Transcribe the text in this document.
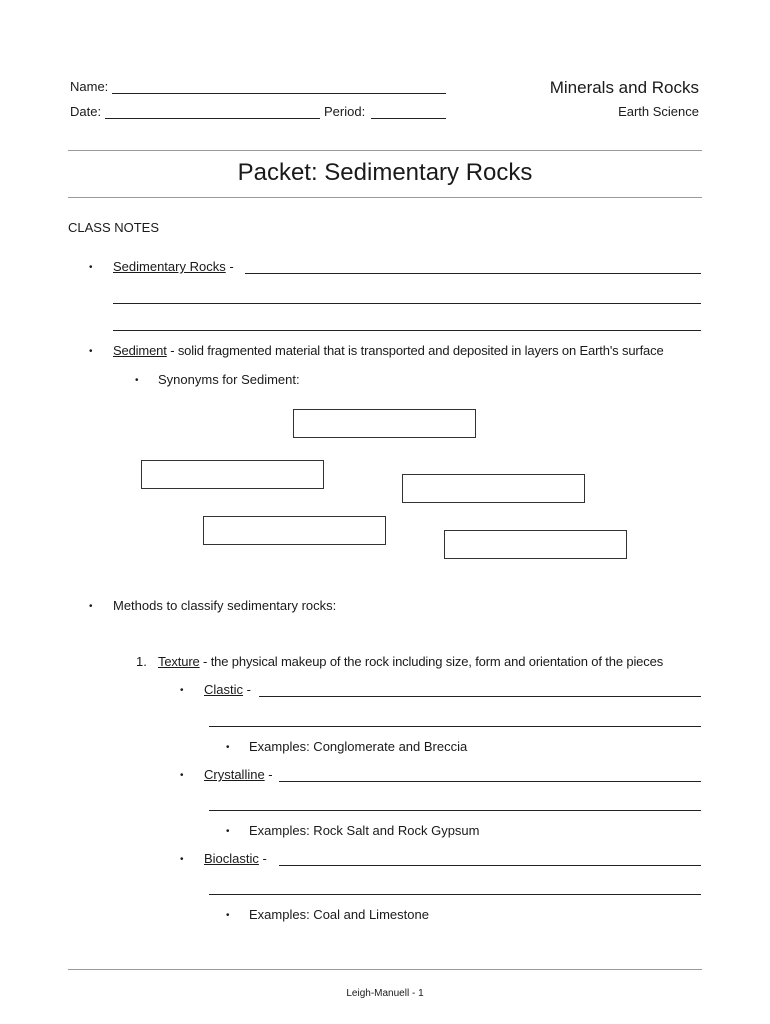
Name:
Date:	Period:
Minerals and Rocks
Earth Science
Packet: Sedimentary Rocks
CLASS NOTES
• Sedimentary Rocks -
• Sediment - solid fragmented material that is transported and deposited in layers on Earth's surface
• Synonyms for Sediment:
• Methods to classify sedimentary rocks:
1. Texture - the physical makeup of the rock including size, form and orientation of the pieces
• Clastic -
• Examples: Conglomerate and Breccia
• Crystalline -
• Examples: Rock Salt and Rock Gypsum
• Bioclastic -
• Examples: Coal and Limestone
Leigh-Manuell - 1
